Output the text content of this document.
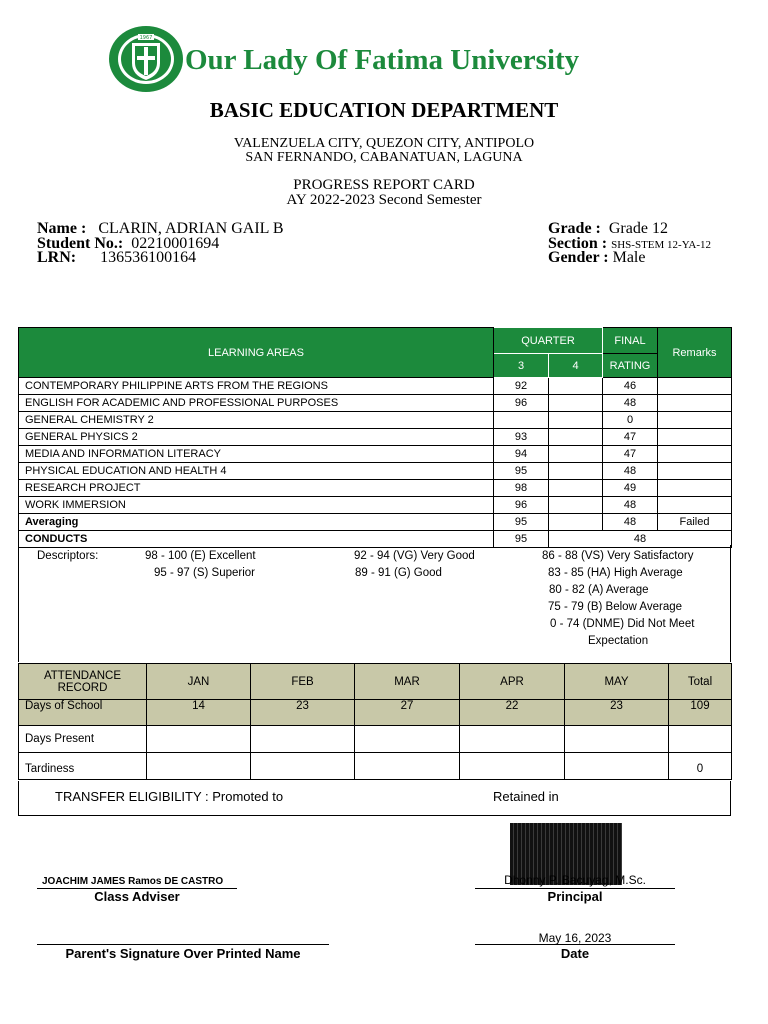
1967
Our Lady Of Fatima University
BASIC EDUCATION DEPARTMENT
VALENZUELA CITY, QUEZON CITY, ANTIPOLO
SAN FERNANDO, CABANATUAN, LAGUNA
PROGRESS REPORT CARD
AY 2022-2023 Second Semester
Name : CLARIN, ADRIAN GAIL B
Student No.: 02210001694
LRN: 136536100164
Grade : Grade 12
Section : SHS-STEM 12-YA-12
Gender : Male
LEARNING AREAS	QUARTER		FINAL	Remarks
	3	4	RATING	
CONTEMPORARY PHILIPPINE ARTS FROM THE REGIONS	92		46	
ENGLISH FOR ACADEMIC AND PROFESSIONAL PURPOSES	96		48	
GENERAL CHEMISTRY 2			0	
GENERAL PHYSICS 2	93		47	
MEDIA AND INFORMATION LITERACY	94		47	
PHYSICAL EDUCATION AND HEALTH 4	95		48	
RESEARCH PROJECT	98		49	
WORK IMMERSION	96		48	
Averaging	95		48	Failed
CONDUCTS	95	48		
Descriptors:	98 - 100 (E) Excellent
95 - 97 (S) Superior
92 - 94 (VG) Very Good
89 - 91 (G) Good
86 - 88 (VS) Very Satisfactory
83 - 85 (HA) High Average
80 - 82 (A) Average
75 - 79 (B) Below Average
0 - 74 (DNME) Did Not Meet
Expectation
ATTENDANCE
RECORD	JAN	FEB	MAR	APR	MAY	Total
Days of School	14	23	27	22	23	109
Days Present						
Tardiness						0
TRANSFER ELIGIBILITY : Promoted to	Retained in
JOACHIM JAMES Ramos DE CASTRO
Class Adviser
Dhonny P. Bacuyag, M.Sc.
Principal
Parent's Signature Over Printed Name
May 16, 2023
Date
